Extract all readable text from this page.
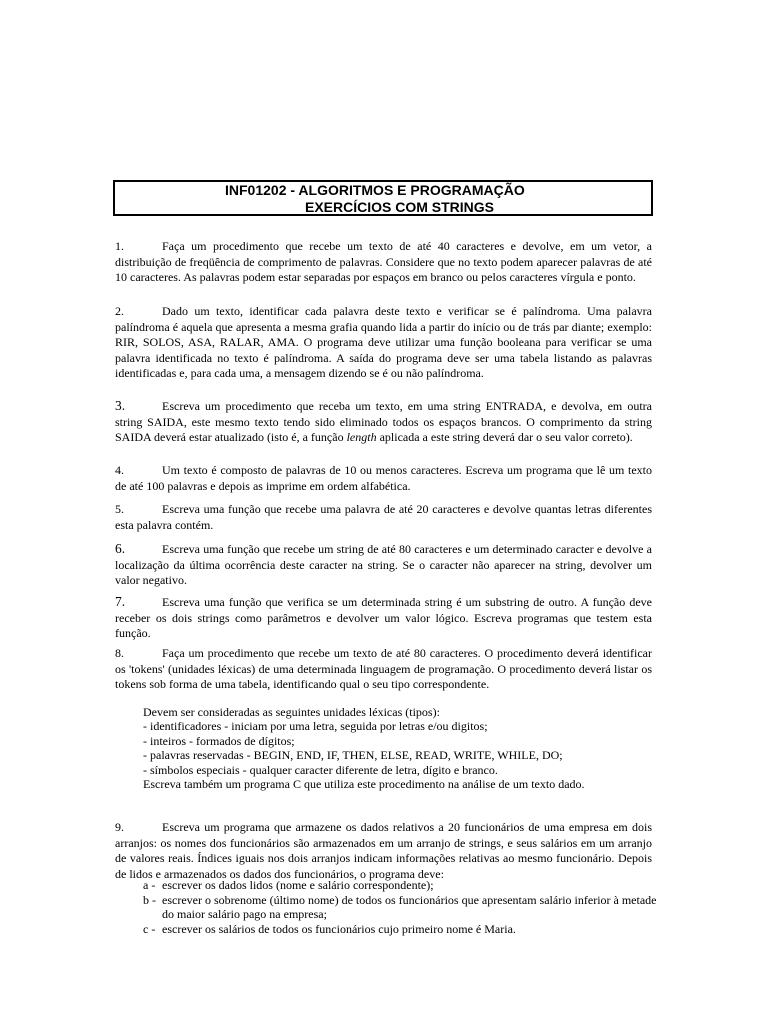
INF01202 - ALGORITMOS E PROGRAMAÇÃO
EXERCÍCIOS COM STRINGS
1.	Faça um procedimento que recebe um texto de até 40 caracteres e devolve, em um vetor, a distribuição de freqüência de comprimento de palavras. Considere que no texto podem aparecer palavras de até 10 caracteres. As palavras podem estar separadas por espaços em branco ou pelos caracteres vírgula e ponto.
2.	Dado um texto, identificar cada palavra deste texto e verificar se é palíndroma. Uma palavra palíndroma é aquela que apresenta a mesma grafia quando lida a partir do início ou de trás par diante; exemplo: RIR, SOLOS, ASA, RALAR, AMA. O programa deve utilizar uma função booleana para verificar se uma palavra identificada no texto é palíndroma. A saída do programa deve ser uma tabela listando as palavras identificadas e, para cada uma, a mensagem dizendo se é ou não palíndroma.
3.	Escreva um procedimento que receba um texto, em uma string ENTRADA, e devolva, em outra string SAIDA, este mesmo texto tendo sido eliminado todos os espaços brancos. O comprimento da string SAIDA deverá estar atualizado (isto é, a função length aplicada a este string deverá dar o seu valor correto).
4.	Um texto é composto de palavras de 10 ou menos caracteres. Escreva um programa que lê um texto de até 100 palavras e depois as imprime em ordem alfabética.
5.	Escreva uma função que recebe uma palavra de até 20 caracteres e devolve quantas letras diferentes esta palavra contém.
6.	Escreva uma função que recebe um string de até 80 caracteres e um determinado caracter e devolve a localização da última ocorrência deste caracter na string. Se o caracter não aparecer na string, devolver um valor negativo.
7.	Escreva uma função que verifica se um determinada string é um substring de outro. A função deve receber os dois strings como parâmetros e devolver um valor lógico. Escreva programas que testem esta função.
8.	Faça um procedimento que recebe um texto de até 80 caracteres. O procedimento deverá identificar os 'tokens' (unidades léxicas) de uma determinada linguagem de programação. O procedimento deverá listar os tokens sob forma de uma tabela, identificando qual o seu tipo correspondente.
Devem ser consideradas as seguintes unidades léxicas (tipos):
- identificadores - iniciam por uma letra, seguida por letras e/ou digitos;
- inteiros - formados de dígitos;
- palavras reservadas - BEGIN, END, IF, THEN, ELSE, READ, WRITE, WHILE, DO;
- símbolos especiais - qualquer caracter diferente de letra, dígito e branco.
Escreva também um programa C que utiliza este procedimento na análise de um texto dado.
9.	Escreva um programa que armazene os dados relativos a 20 funcionários de uma empresa em dois arranjos: os nomes dos funcionários são armazenados em um arranjo de strings, e seus salários em um arranjo de valores reais. Índices iguais nos dois arranjos indicam informações relativas ao mesmo funcionário. Depois de lidos e armazenados os dados dos funcionários, o programa deve:
a - escrever os dados lidos (nome e salário correspondente);
b - escrever o sobrenome (último nome) de todos os funcionários que apresentam salário inferior à metade do maior salário pago na empresa;
c - escrever os salários de todos os funcionários cujo primeiro nome é Maria.
